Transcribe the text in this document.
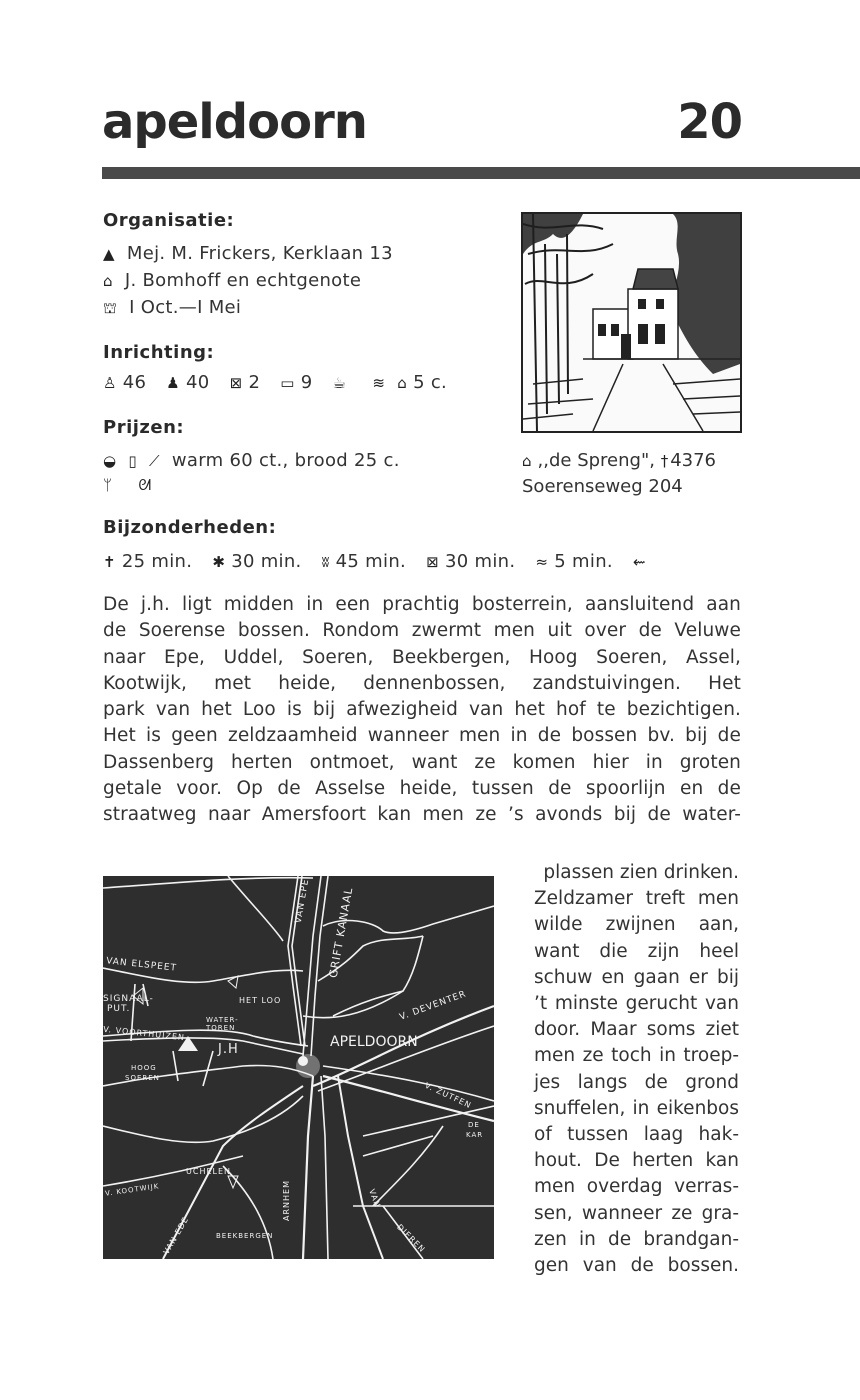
apeldoorn	20
Organisatie:
▲ Mej. M. Frickers, Kerklaan 13
⌂ J. Bomhoff en echtgenote
⛫ I Oct.—I Mei
Inrichting:
♙ 46 ♟ 40 ⊠ 2 ▭ 9 ☕ ≋ ⌂ 5 c.
Prijzen:
◒ ▯ ⟋ warm 60 ct., brood 25 c.
ᛘ ᘛ
⌂ ,,de Spreng", † 4376
Soerenseweg 204
Bijzonderheden:
✝ 25 min. ✱ 30 min. ʬ 45 min. ⊠ 30 min. ≈ 5 min. ⇜

De j.h. ligt midden in een prachtig bosterrein, aansluitend aan

de Soerense bossen. Rondom zwermt men uit over de Veluwe

naar Epe, Uddel, Soeren, Beekbergen, Hoog Soeren, Assel,

Kootwijk, met heide, dennenbossen, zandstuivingen. Het

park van het Loo is bij afwezigheid van het hof te bezichtigen.

Het is geen zeldzaamheid wanneer men in de bossen bv. bij de

Dassenberg herten ontmoet, want ze komen hier in groten

getale voor. Op de Asselse heide, tussen de spoorlijn en de

straatweg naar Amersfoort kan men ze ’s avonds bij de water-

plassen zien drinken.

Zeldzamer treft men

wilde zwijnen aan,

want die zijn heel

schuw en gaan er bij

’t minste gerucht van

door. Maar soms ziet

men ze toch in troep-

jes langs de grond

snuffelen, in eikenbos

of tussen laag hak-

hout. De herten kan

men overdag verras-

sen, wanneer ze gra-

zen in de brandgan-

gen van de bossen.

VAN EPE GRIFT KANAAL
VAN ELSPEET
SIGNAAL-
PUT.
HET LOO
WATER-
TOREN
V. DEVENTER
V. VOORTHUIZEN
J.H	APELDOORN
HOOG
SOEREN
V. ZUTFEN
DE
KAR
UCHELEN
V. KOOTWIJK	ARNHEM	VAN
DIEREN
VAN EDE	BEEKBERGEN
